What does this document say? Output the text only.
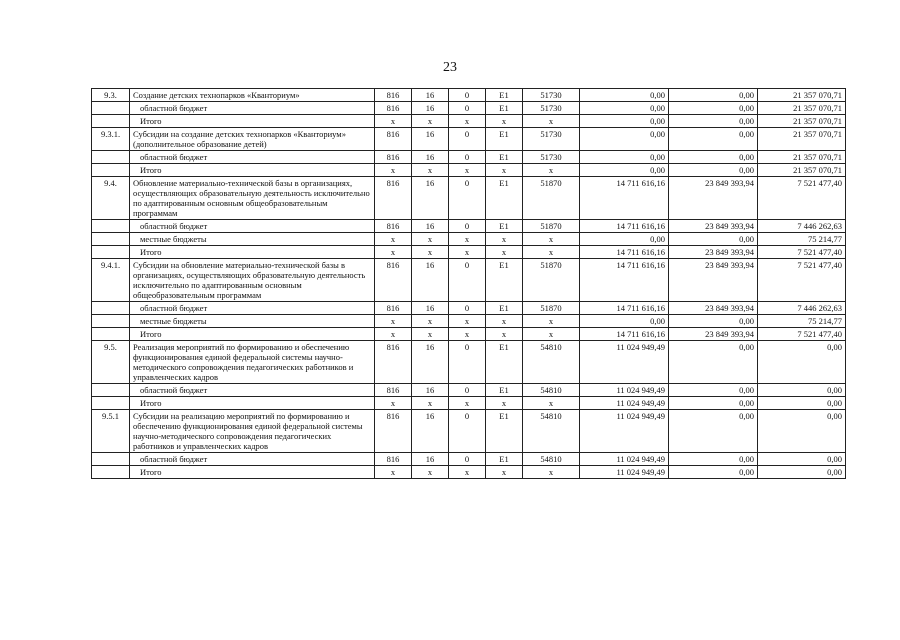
23
9.3.	Создание детских технопарков «Кванториум»	816	16	0	Е1	51730	0,00	0,00	21 357 070,71
	областной бюджет	816	16	0	Е1	51730	0,00	0,00	21 357 070,71
	Итого	x	x	x	x	x	0,00	0,00	21 357 070,71
9.3.1.	Субсидии на создание детских технопарков «Кванториум» (дополнительное образование детей)	816	16	0	Е1	51730	0,00	0,00	21 357 070,71
	областной бюджет	816	16	0	Е1	51730	0,00	0,00	21 357 070,71
	Итого	x	x	x	x	x	0,00	0,00	21 357 070,71
9.4.	Обновление материально-технической базы в организациях, осуществляющих образовательную деятельность исключительно по адаптированным основным общеобразовательным программам	816	16	0	Е1	51870	14 711 616,16	23 849 393,94	7 521 477,40
	областной бюджет	816	16	0	Е1	51870	14 711 616,16	23 849 393,94	7 446 262,63
	местные бюджеты	x	x	x	x	x	0,00	0,00	75 214,77
	Итого	x	x	x	x	x	14 711 616,16	23 849 393,94	7 521 477,40
9.4.1.	Субсидии на обновление материально-технической базы в организациях, осуществляющих образовательную деятельность исключительно по адаптированным основным общеобразовательным программам	816	16	0	Е1	51870	14 711 616,16	23 849 393,94	7 521 477,40
	областной бюджет	816	16	0	Е1	51870	14 711 616,16	23 849 393,94	7 446 262,63
	местные бюджеты	x	x	x	x	x	0,00	0,00	75 214,77
	Итого	x	x	x	x	x	14 711 616,16	23 849 393,94	7 521 477,40
9.5.	Реализация мероприятий по формированию и обеспечению функционирования единой федеральной системы научно-методического сопровождения педагогических работников и управленческих кадров	816	16	0	Е1	54810	11 024 949,49	0,00	0,00
	областной бюджет	816	16	0	Е1	54810	11 024 949,49	0,00	0,00
	Итого	x	x	x	x	x	11 024 949,49	0,00	0,00
9.5.1	Субсидии на реализацию мероприятий по формированию и обеспечению функционирования единой федеральной системы научно-методического сопровождения педагогических работников и управленческих кадров	816	16	0	Е1	54810	11 024 949,49	0,00	0,00
	областной бюджет	816	16	0	Е1	54810	11 024 949,49	0,00	0,00
	Итого	x	x	x	x	x	11 024 949,49	0,00	0,00
